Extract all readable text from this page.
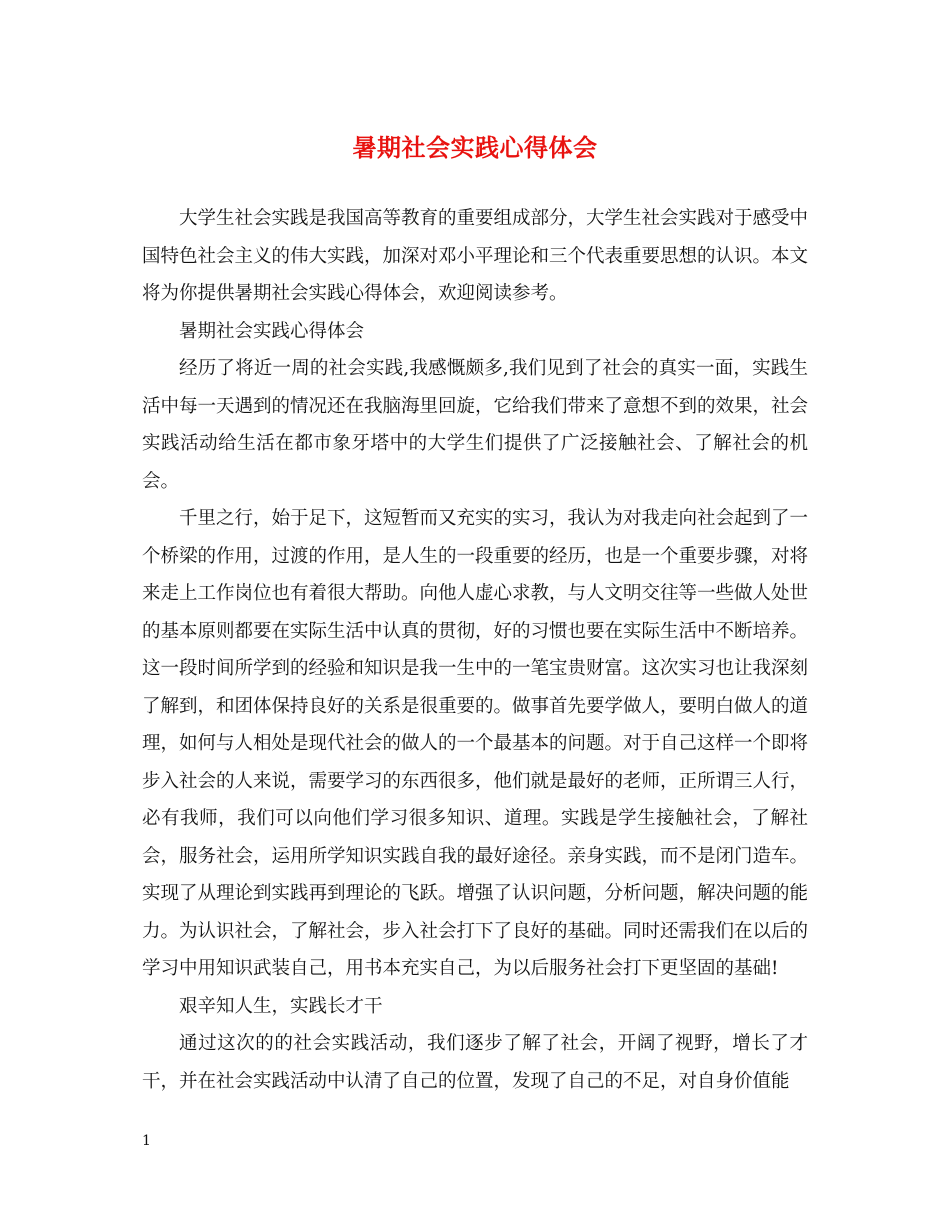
暑期社会实践心得体会

大学生社会实践是我国高等教育的重要组成部分，大学生社会实践对于感受中国特色社会主义的伟大实践，加深对邓小平理论和三个代表重要思想的认识。本文将为你提供暑期社会实践心得体会，欢迎阅读参考。

暑期社会实践心得体会

经历了将近一周的社会实践,我感慨颇多,我们见到了社会的真实一面，实践生活中每一天遇到的情况还在我脑海里回旋，它给我们带来了意想不到的效果，社会实践活动给生活在都市象牙塔中的大学生们提供了广泛接触社会、了解社会的机会。

千里之行，始于足下，这短暂而又充实的实习，我认为对我走向社会起到了一个桥梁的作用，过渡的作用，是人生的一段重要的经历，也是一个重要步骤，对将来走上工作岗位也有着很大帮助。向他人虚心求教，与人文明交往等一些做人处世的基本原则都要在实际生活中认真的贯彻，好的习惯也要在实际生活中不断培养。这一段时间所学到的经验和知识是我一生中的一笔宝贵财富。这次实习也让我深刻了解到，和团体保持良好的关系是很重要的。做事首先要学做人，要明白做人的道理，如何与人相处是现代社会的做人的一个最基本的问题。对于自己这样一个即将步入社会的人来说，需要学习的东西很多，他们就是最好的老师，正所谓三人行，必有我师，我们可以向他们学习很多知识、道理。实践是学生接触社会，了解社会，服务社会，运用所学知识实践自我的最好途径。亲身实践，而不是闭门造车。实现了从理论到实践再到理论的飞跃。增强了认识问题，分析问题，解决问题的能力。为认识社会，了解社会，步入社会打下了良好的基础。同时还需我们在以后的学习中用知识武装自己，用书本充实自己，为以后服务社会打下更坚固的基础!

艰辛知人生，实践长才干

通过这次的的社会实践活动，我们逐步了解了社会，开阔了视野，增长了才干，并在社会实践活动中认清了自己的位置，发现了自己的不足，对自身价值能

1
